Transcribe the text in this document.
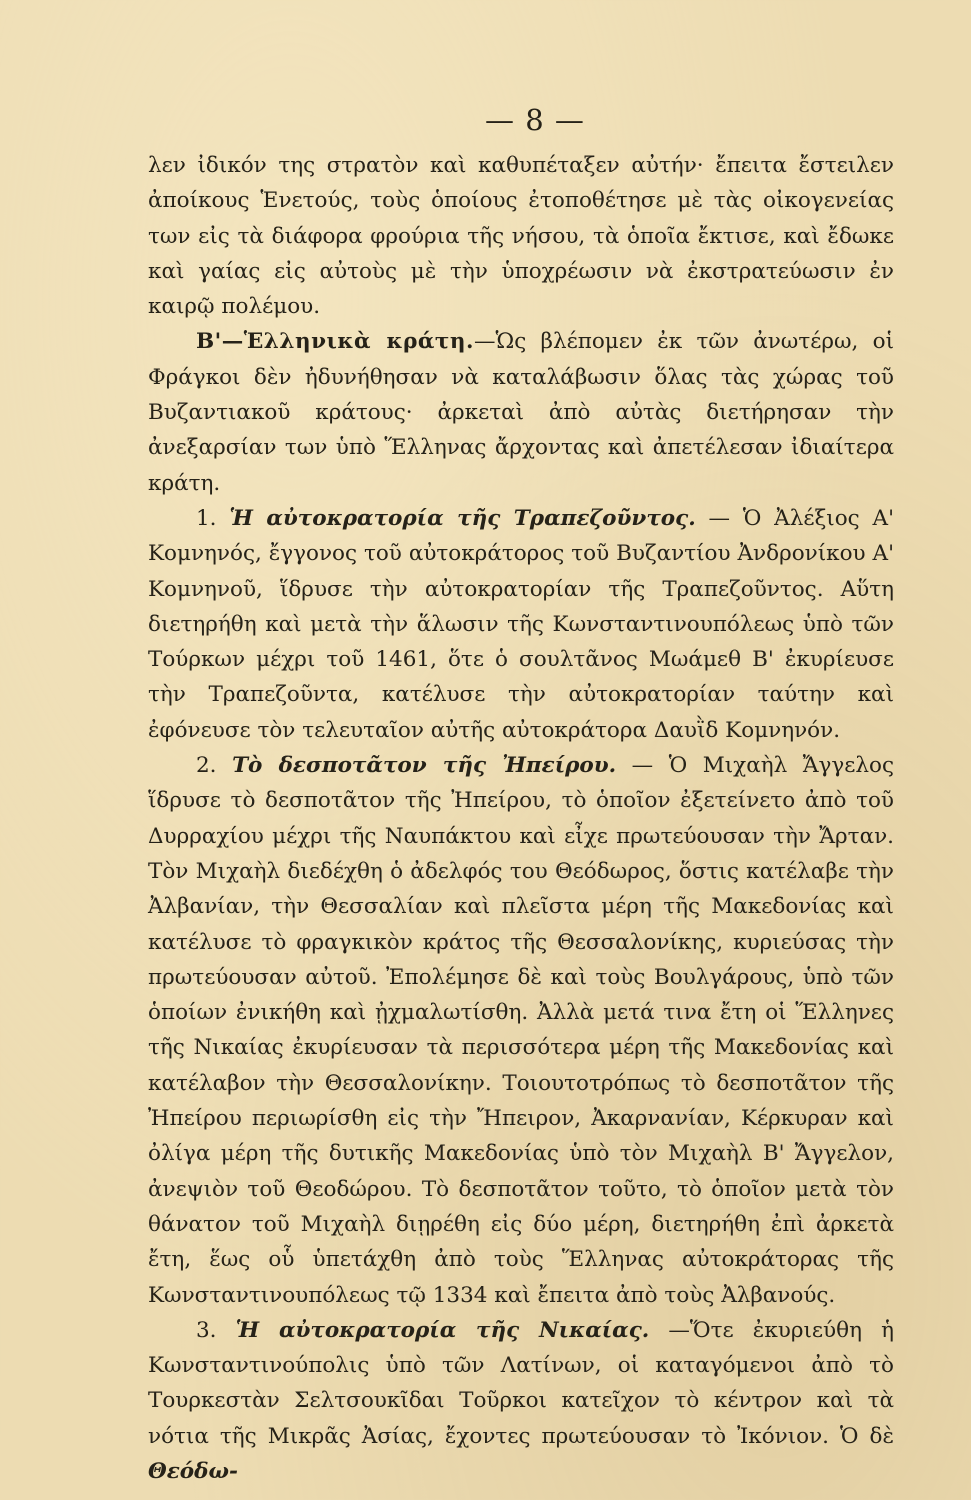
— 8 —

λεν ἰδικόν της στρατὸν καὶ καθυπέταξεν αὐτήν· ἔπειτα ἔστειλεν ἀποίκους Ἑνετούς, τοὺς ὁποίους ἐτοποθέτησε μὲ τὰς οἰκογενείας των εἰς τὰ διάφορα φρούρια τῆς νήσου, τὰ ὁποῖα ἔκτισε, καὶ ἔδωκε καὶ γαίας εἰς αὐτοὺς μὲ τὴν ὑποχρέωσιν νὰ ἐκστρατεύωσιν ἐν καιρῷ πολέμου.

Β'—Ἑλληνικὰ κράτη.—Ὡς βλέπομεν ἐκ τῶν ἀνωτέρω, οἱ Φράγκοι δὲν ἠδυνήθησαν νὰ καταλάβωσιν ὅλας τὰς χώρας τοῦ Βυζαντιακοῦ κράτους· ἀρκεταὶ ἀπὸ αὐτὰς διετήρησαν τὴν ἀνεξαρσίαν των ὑπὸ Ἕλληνας ἄρχοντας καὶ ἀπετέλεσαν ἰδιαίτερα κράτη.

1. Ἡ αὐτοκρατορία τῆς Τραπεζοῦντος. — Ὁ Ἀλέξιος Α' Κομνηνός, ἔγγονος τοῦ αὐτοκράτορος τοῦ Βυζαντίου Ἀνδρονίκου Α' Κομνηνοῦ, ἵδρυσε τὴν αὐτοκρατορίαν τῆς Τραπεζοῦντος. Αὕτη διετηρήθη καὶ μετὰ τὴν ἅλωσιν τῆς Κωνσταντινουπόλεως ὑπὸ τῶν Τούρκων μέχρι τοῦ 1461, ὅτε ὁ σουλτᾶνος Μωάμεθ Β' ἐκυρίευσε τὴν Τραπεζοῦντα, κατέλυσε τὴν αὐτοκρατορίαν ταύτην καὶ ἐφόνευσε τὸν τελευταῖον αὐτῆς αὐτοκράτορα Δαυῒδ Κομνηνόν.

2. Τὸ δεσποτᾶτον τῆς Ἠπείρου. — Ὁ Μιχαὴλ Ἄγγελος ἵδρυσε τὸ δεσποτᾶτον τῆς Ἠπείρου, τὸ ὁποῖον ἐξετείνετο ἀπὸ τοῦ Δυρραχίου μέχρι τῆς Ναυπάκτου καὶ εἶχε πρωτεύουσαν τὴν Ἄρταν. Τὸν Μιχαὴλ διεδέχθη ὁ ἀδελφός του Θεόδωρος, ὅστις κατέλαβε τὴν Ἀλβανίαν, τὴν Θεσσαλίαν καὶ πλεῖστα μέρη τῆς Μακεδονίας καὶ κατέλυσε τὸ φραγκικὸν κράτος τῆς Θεσσαλονίκης, κυριεύσας τὴν πρωτεύουσαν αὐτοῦ. Ἐπολέμησε δὲ καὶ τοὺς Βουλγάρους, ὑπὸ τῶν ὁποίων ἐνικήθη καὶ ᾐχμαλωτίσθη. Ἀλλὰ μετά τινα ἔτη οἱ Ἕλληνες τῆς Νικαίας ἐκυρίευσαν τὰ περισσότερα μέρη τῆς Μακεδονίας καὶ κατέλαβον τὴν Θεσσαλονίκην. Τοιουτοτρόπως τὸ δεσποτᾶτον τῆς Ἠπείρου περιωρίσθη εἰς τὴν Ἤπειρον, Ἀκαρνανίαν, Κέρκυραν καὶ ὀλίγα μέρη τῆς δυτικῆς Μακεδονίας ὑπὸ τὸν Μιχαὴλ Β' Ἄγγελον, ἀνεψιὸν τοῦ Θεοδώρου. Τὸ δεσποτᾶτον τοῦτο, τὸ ὁποῖον μετὰ τὸν θάνατον τοῦ Μιχαὴλ διῃρέθη εἰς δύο μέρη, διετηρήθη ἐπὶ ἀρκετὰ ἔτη, ἕως οὗ ὑπετάχθη ἀπὸ τοὺς Ἕλληνας αὐτοκράτορας τῆς Κωνσταντινουπόλεως τῷ 1334 καὶ ἔπειτα ἀπὸ τοὺς Ἀλβανούς.

3. Ἡ αὐτοκρατορία τῆς Νικαίας. —Ὅτε ἐκυριεύθη ἡ Κωνσταντινούπολις ὑπὸ τῶν Λατίνων, οἱ καταγόμενοι ἀπὸ τὸ Τουρκεστὰν Σελτσουκῖδαι Τοῦρκοι κατεῖχον τὸ κέντρον καὶ τὰ νότια τῆς Μικρᾶς Ἀσίας, ἔχοντες πρωτεύουσαν τὸ Ἰκόνιον. Ὁ δὲ Θεόδω-
